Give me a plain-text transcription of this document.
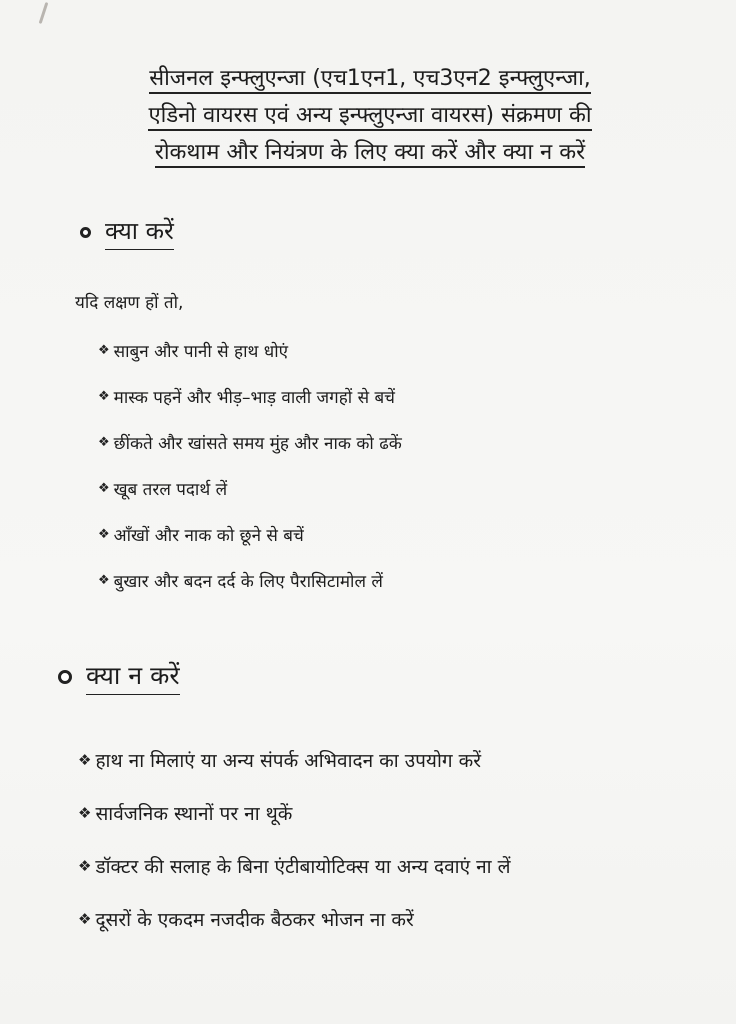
सीजनल इन्फ्लुएन्जा (एच1एन1, एच3एन2 इन्फ्लुएन्जा,
एडिनो वायरस एवं अन्य इन्फ्लुएन्जा वायरस) संक्रमण की
रोकथाम और नियंत्रण के लिए क्या करें और क्या न करें
क्या करें
यदि लक्षण हों तो,
❖ साबुन और पानी से हाथ धोएं
❖ मास्क पहनें और भीड़–भाड़ वाली जगहों से बचें
❖ छींकते और खांसते समय मुंह और नाक को ढकें
❖ खूब तरल पदार्थ लें
❖ आँखों और नाक को छूने से बचें
❖ बुखार और बदन दर्द के लिए पैरासिटामोल लें
क्या न करें
❖ हाथ ना मिलाएं या अन्य संपर्क अभिवादन का उपयोग करें
❖ सार्वजनिक स्थानों पर ना थूकें
❖ डॉक्टर की सलाह के बिना एंटीबायोटिक्स या अन्य दवाएं ना लें
❖ दूसरों के एकदम नजदीक बैठकर भोजन ना करें
